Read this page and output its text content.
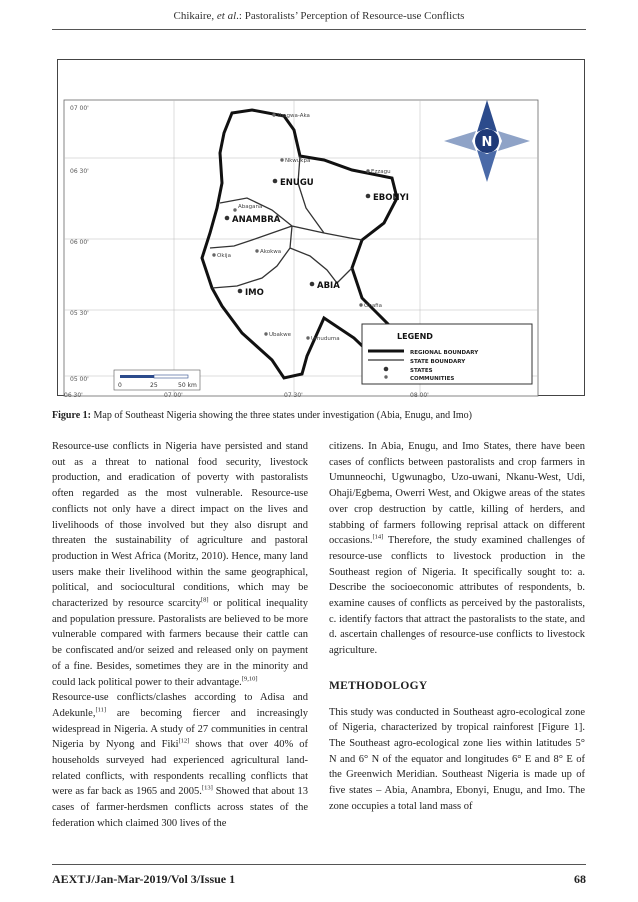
Chikaire, et al.: Pastoralists’ Perception of Resource-use Conflicts
07 00'
06 30'
06 00'
05 30'
05 00'
06 30'	07 00'	07 30'	08 00'
ENUGU
EBONYI
ANAMBRA
IMO
ABIA
Ibagwa-Aka
Nkwukpa
Ezzagu
Abagana
Okija
Akokwa
Ubakwe
Umuduma
Ohafia
N
LEGEND
REGIONAL BOUNDARY
STATE BOUNDARY
STATES
COMMUNITIES
0	25	50 km
Figure 1: Map of Southeast Nigeria showing the three states under investigation (Abia, Enugu, and Imo)

Resource-use conflicts in Nigeria have persisted and stand out as a threat to national food security, livestock production, and eradication of poverty with pastoralists often regarded as the most vulnerable. Resource-use conflicts not only have a direct impact on the lives and livelihoods of those involved but they also disrupt and threaten the sustainability of agriculture and pastoral production in West Africa (Moritz, 2010). Hence, many land users make their livelihood within the same geographical, political, and sociocultural conditions, which may be characterized by resource scarcity[8] or political inequality and population pressure. Pastoralists are believed to be more vulnerable compared with farmers because their cattle can be confiscated and/or seized and released only on payment of a fine. Besides, sometimes they are in the minority and could lack political power to their advantage.[9,10]

Resource-use conflicts/clashes according to Adisa and Adekunle,[11] are becoming fiercer and increasingly widespread in Nigeria. A study of 27 communities in central Nigeria by Nyong and Fiki[12] shows that over 40% of households surveyed had experienced agricultural land-related conflicts, with respondents recalling conflicts that were as far back as 1965 and 2005.[13] Showed that about 13 cases of farmer-herdsmen conflicts across states of the federation which claimed 300 lives of the

citizens. In Abia, Enugu, and Imo States, there have been cases of conflicts between pastoralists and crop farmers in Umunneochi, Ugwunagbo, Uzo-uwani, Nkanu-West, Udi, Ohaji/Egbema, Owerri West, and Okigwe areas of the states over crop destruction by cattle, killing of herders, and stabbing of farmers following reprisal attack on different occasions.[14] Therefore, the study examined challenges of resource-use conflicts to livestock production in the Southeast region of Nigeria. It specifically sought to: a. Describe the socioeconomic attributes of respondents, b. examine causes of conflicts as perceived by the pastoralists, c. identify factors that attract the pastoralists to the state, and d. ascertain challenges of resource-use conflicts to livestock agriculture.

METHODOLOGY

This study was conducted in Southeast agro-ecological zone of Nigeria, characterized by tropical rainforest [Figure 1]. The Southeast agro-ecological zone lies within latitudes 5° N and 6° N of the equator and longitudes 6° E and 8° E of the Greenwich Meridian. Southeast Nigeria is made up of five states – Abia, Anambra, Ebonyi, Enugu, and Imo. The zone occupies a total land mass of

AEXTJ/Jan-Mar-2019/Vol 3/Issue 1	68
